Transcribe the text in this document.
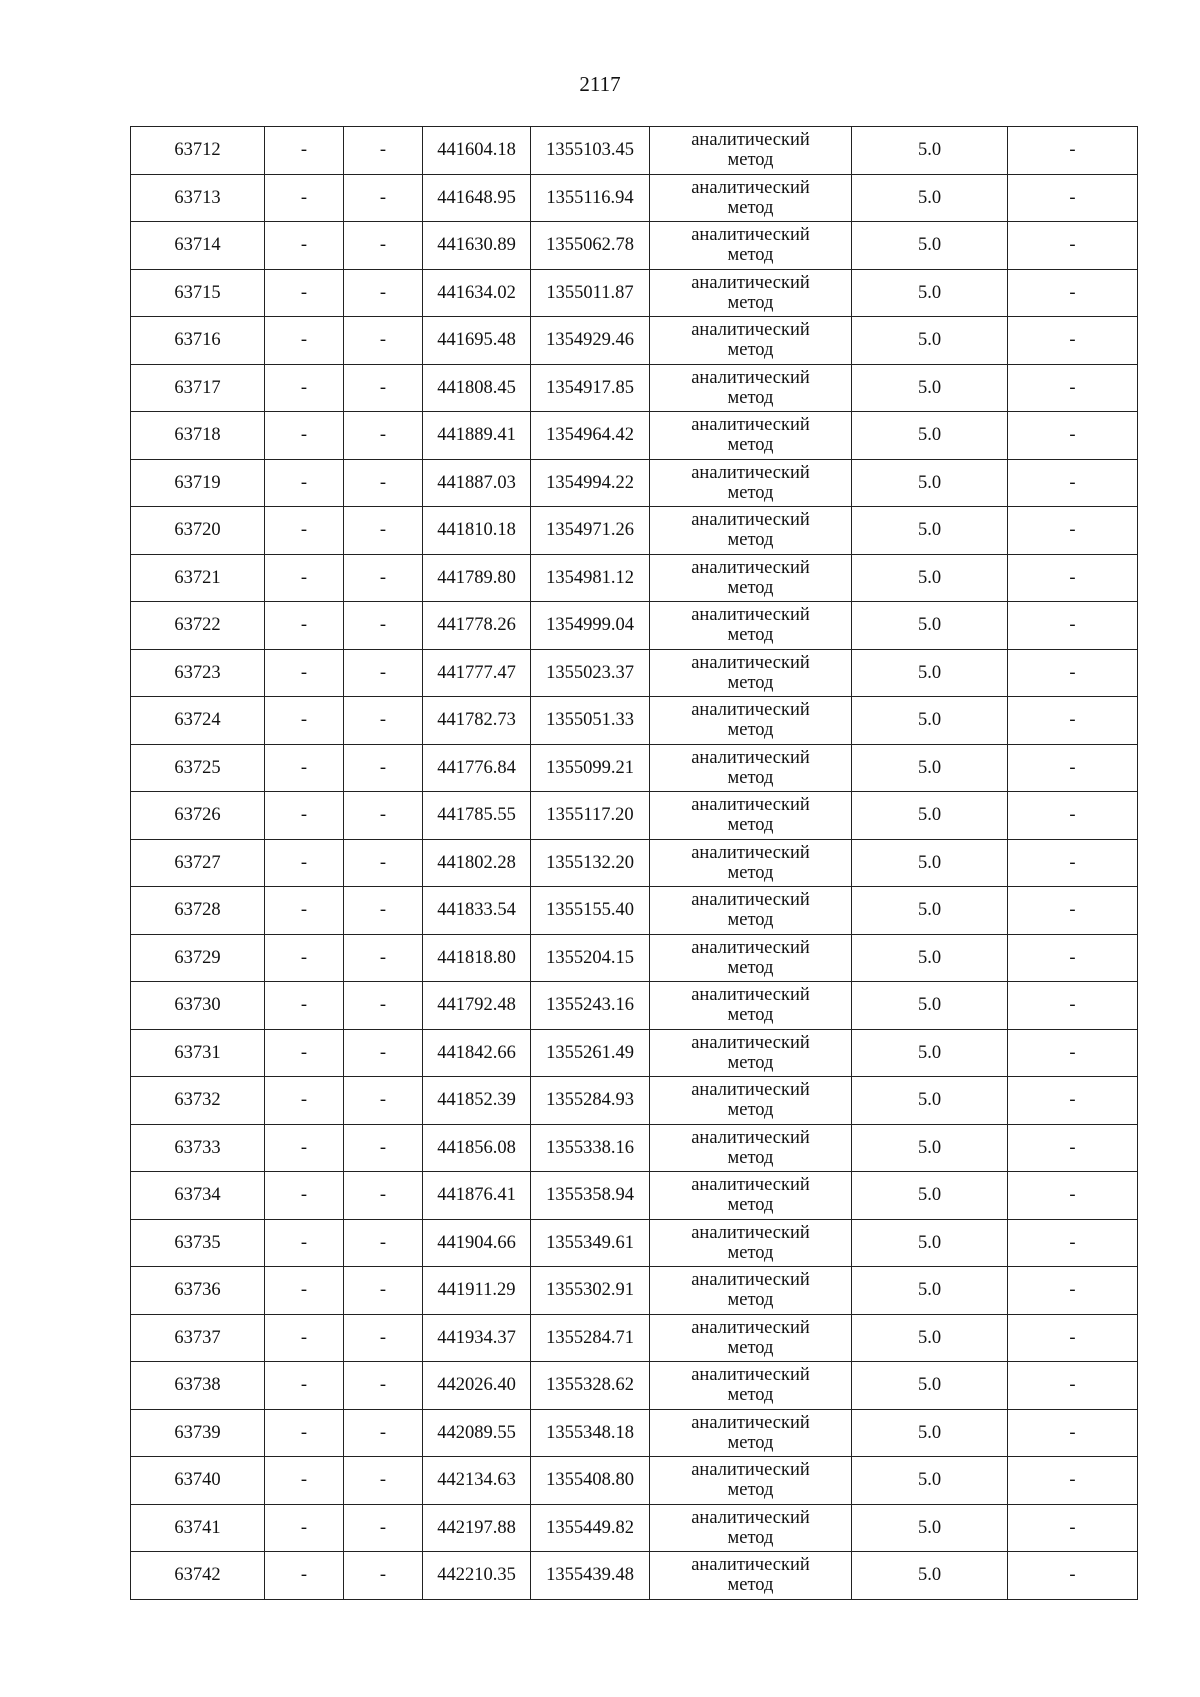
2117
63712	-	-	441604.18	1355103.45	аналитический
метод	5.0	-
63713	-	-	441648.95	1355116.94	аналитический
метод	5.0	-
63714	-	-	441630.89	1355062.78	аналитический
метод	5.0	-
63715	-	-	441634.02	1355011.87	аналитический
метод	5.0	-
63716	-	-	441695.48	1354929.46	аналитический
метод	5.0	-
63717	-	-	441808.45	1354917.85	аналитический
метод	5.0	-
63718	-	-	441889.41	1354964.42	аналитический
метод	5.0	-
63719	-	-	441887.03	1354994.22	аналитический
метод	5.0	-
63720	-	-	441810.18	1354971.26	аналитический
метод	5.0	-
63721	-	-	441789.80	1354981.12	аналитический
метод	5.0	-
63722	-	-	441778.26	1354999.04	аналитический
метод	5.0	-
63723	-	-	441777.47	1355023.37	аналитический
метод	5.0	-
63724	-	-	441782.73	1355051.33	аналитический
метод	5.0	-
63725	-	-	441776.84	1355099.21	аналитический
метод	5.0	-
63726	-	-	441785.55	1355117.20	аналитический
метод	5.0	-
63727	-	-	441802.28	1355132.20	аналитический
метод	5.0	-
63728	-	-	441833.54	1355155.40	аналитический
метод	5.0	-
63729	-	-	441818.80	1355204.15	аналитический
метод	5.0	-
63730	-	-	441792.48	1355243.16	аналитический
метод	5.0	-
63731	-	-	441842.66	1355261.49	аналитический
метод	5.0	-
63732	-	-	441852.39	1355284.93	аналитический
метод	5.0	-
63733	-	-	441856.08	1355338.16	аналитический
метод	5.0	-
63734	-	-	441876.41	1355358.94	аналитический
метод	5.0	-
63735	-	-	441904.66	1355349.61	аналитический
метод	5.0	-
63736	-	-	441911.29	1355302.91	аналитический
метод	5.0	-
63737	-	-	441934.37	1355284.71	аналитический
метод	5.0	-
63738	-	-	442026.40	1355328.62	аналитический
метод	5.0	-
63739	-	-	442089.55	1355348.18	аналитический
метод	5.0	-
63740	-	-	442134.63	1355408.80	аналитический
метод	5.0	-
63741	-	-	442197.88	1355449.82	аналитический
метод	5.0	-
63742	-	-	442210.35	1355439.48	аналитический
метод	5.0	-
